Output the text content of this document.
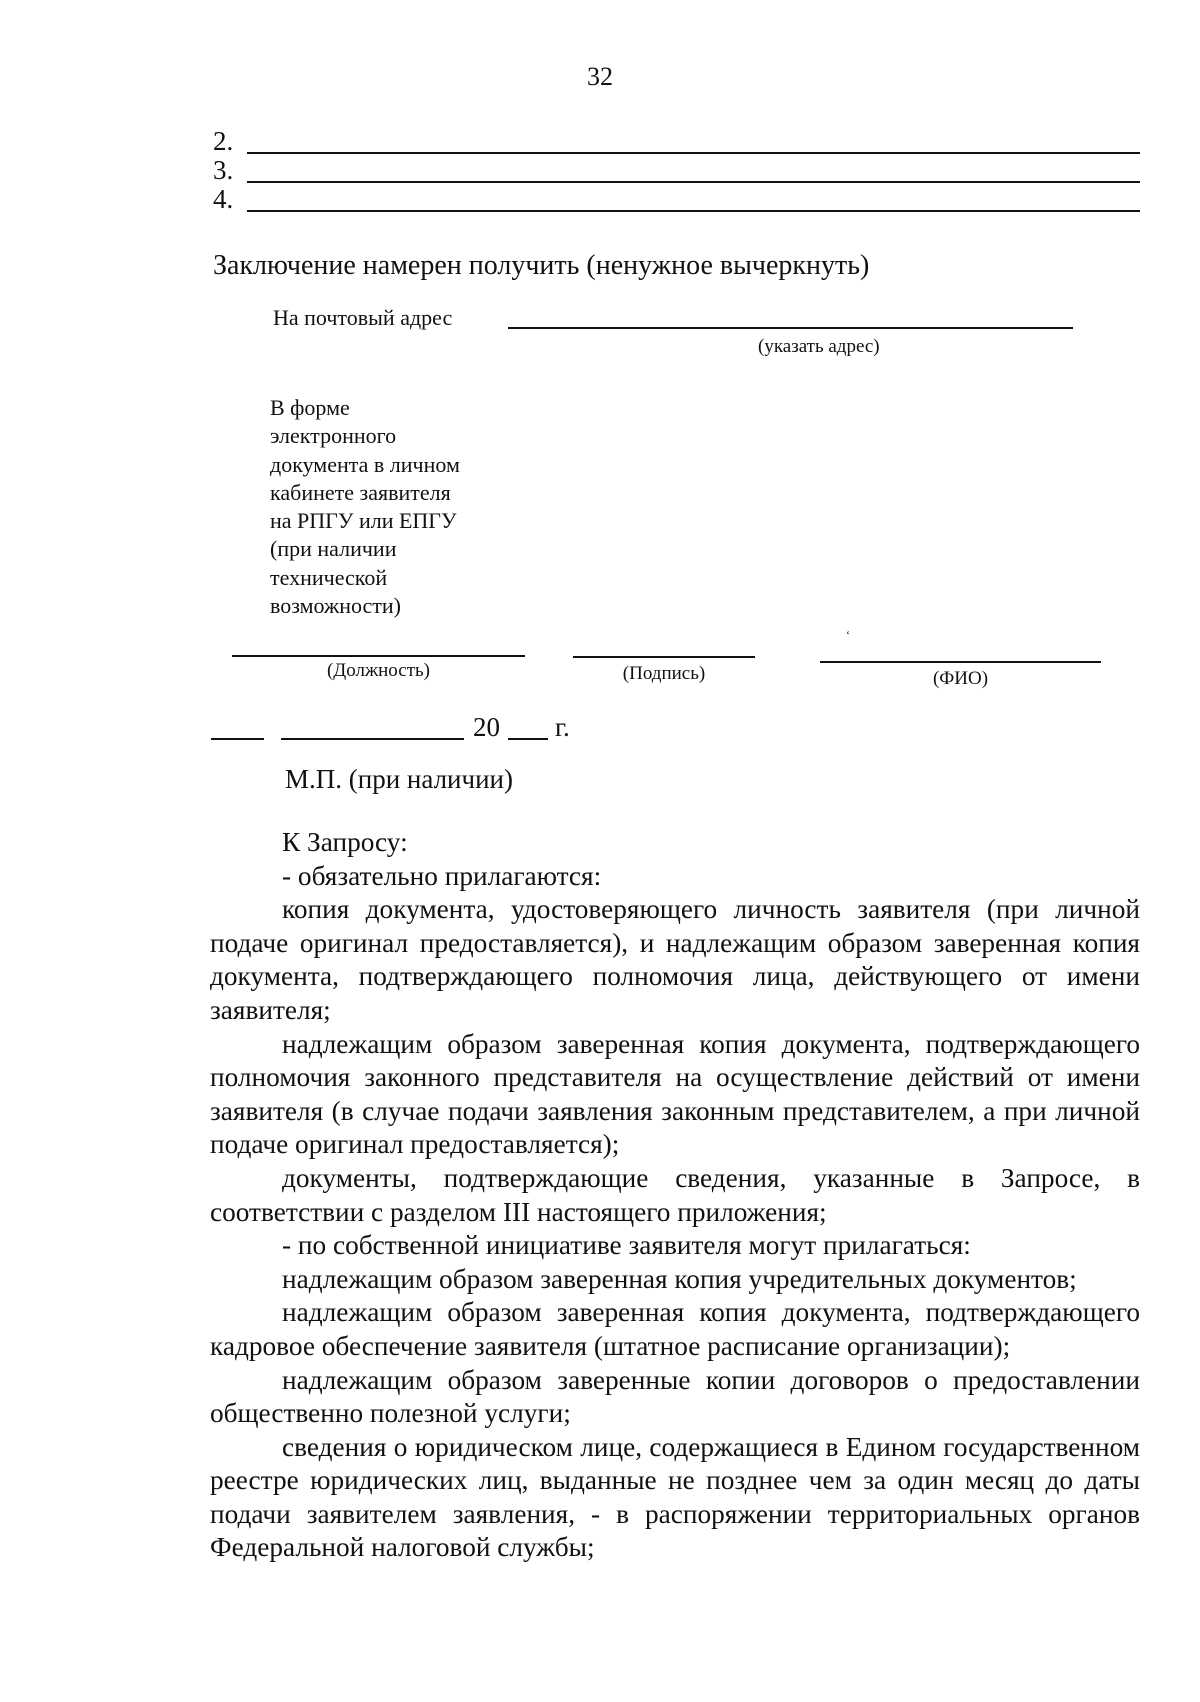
32
2.
3.
4.
Заключение намерен получить (ненужное вычеркнуть)
На почтовый адрес
(указать адрес)
В форме
электронного
документа в личном
кабинете заявителя
на РПГУ или ЕПГУ
(при наличии
технической
возможности)
‘
(Должность)	(Подпись)	(ФИО)
20 г.
М.П. (при наличии)
К Запросу:
- обязательно прилагаются:
копия документа, удостоверяющего личность заявителя (при личной подаче оригинал предоставляется), и надлежащим образом заверенная копия документа, подтверждающего полномочия лица, действующего от имени заявителя;
надлежащим образом заверенная копия документа, подтверждающего полномочия законного представителя на осуществление действий от имени заявителя (в случае подачи заявления законным представителем, а при личной подаче оригинал предоставляется);
документы, подтверждающие сведения, указанные в Запросе, в соответствии с разделом III настоящего приложения;
- по собственной инициативе заявителя могут прилагаться:
надлежащим образом заверенная копия учредительных документов;
надлежащим образом заверенная копия документа, подтверждающего кадровое обеспечение заявителя (штатное расписание организации);
надлежащим образом заверенные копии договоров о предоставлении общественно полезной услуги;
сведения о юридическом лице, содержащиеся в Едином государственном реестре юридических лиц, выданные не позднее чем за один месяц до даты подачи заявителем заявления, - в распоряжении территориальных органов Федеральной налоговой службы;
